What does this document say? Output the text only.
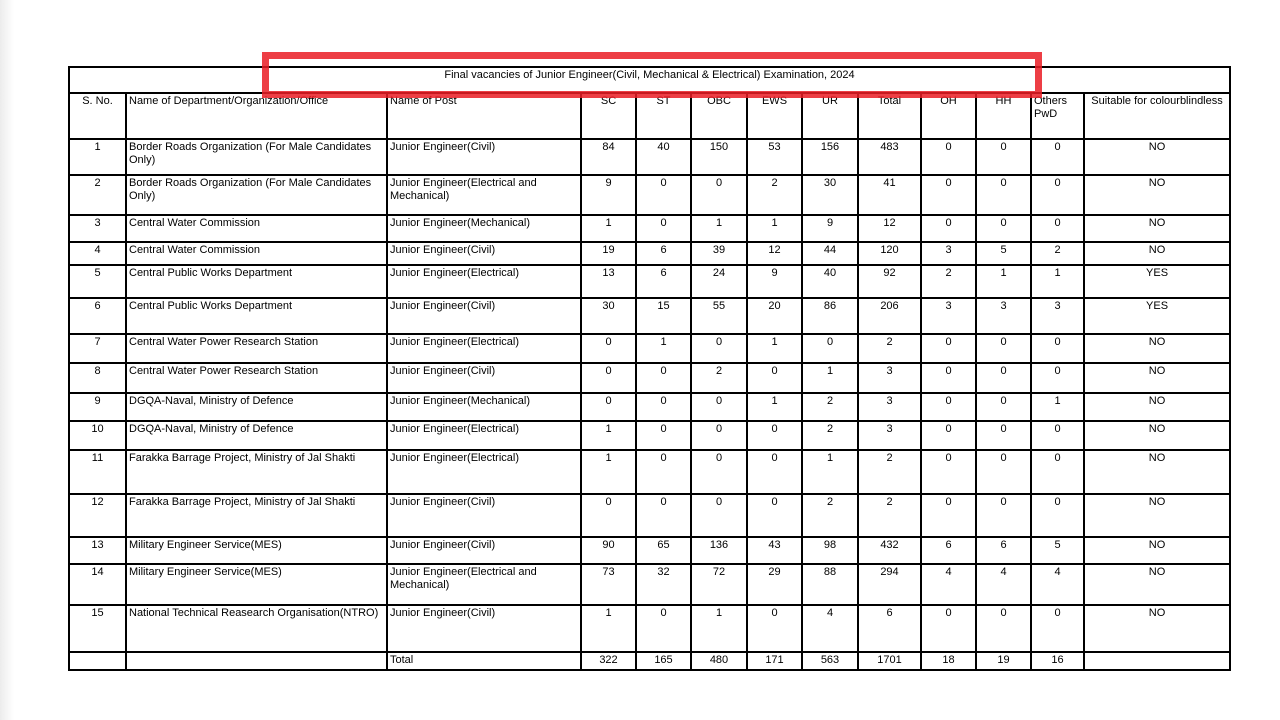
Final vacancies of Junior Engineer(Civil, Mechanical & Electrical) Examination, 2024												
S. No.	Name of Department/Organization/Office	Name of Post	SC	ST	OBC	EWS	UR	Total	OH	HH	Others PwD	Suitable for colourblindless
1	Border Roads Organization (For Male Candidates Only)	Junior Engineer(Civil)	84	40	150	53	156	483	0	0	0	NO
2	Border Roads Organization (For Male Candidates Only)	Junior Engineer(Electrical and Mechanical)	9	0	0	2	30	41	0	0	0	NO
3	Central Water Commission	Junior Engineer(Mechanical)	1	0	1	1	9	12	0	0	0	NO
4	Central Water Commission	Junior Engineer(Civil)	19	6	39	12	44	120	3	5	2	NO
5	Central Public Works Department	Junior Engineer(Electrical)	13	6	24	9	40	92	2	1	1	YES
6	Central Public Works Department	Junior Engineer(Civil)	30	15	55	20	86	206	3	3	3	YES
7	Central Water Power Research Station	Junior Engineer(Electrical)	0	1	0	1	0	2	0	0	0	NO
8	Central Water Power Research Station	Junior Engineer(Civil)	0	0	2	0	1	3	0	0	0	NO
9	DGQA-Naval, Ministry of Defence	Junior Engineer(Mechanical)	0	0	0	1	2	3	0	0	1	NO
10	DGQA-Naval, Ministry of Defence	Junior Engineer(Electrical)	1	0	0	0	2	3	0	0	0	NO
11	Farakka Barrage Project, Ministry of Jal Shakti	Junior Engineer(Electrical)	1	0	0	0	1	2	0	0	0	NO
12	Farakka Barrage Project, Ministry of Jal Shakti	Junior Engineer(Civil)	0	0	0	0	2	2	0	0	0	NO
13	Military Engineer Service(MES)	Junior Engineer(Civil)	90	65	136	43	98	432	6	6	5	NO
14	Military Engineer Service(MES)	Junior Engineer(Electrical and Mechanical)	73	32	72	29	88	294	4	4	4	NO
15	National Technical Reasearch Organisation(NTRO)	Junior Engineer(Civil)	1	0	1	0	4	6	0	0	0	NO
		Total	322	165	480	171	563	1701	18	19	16	
